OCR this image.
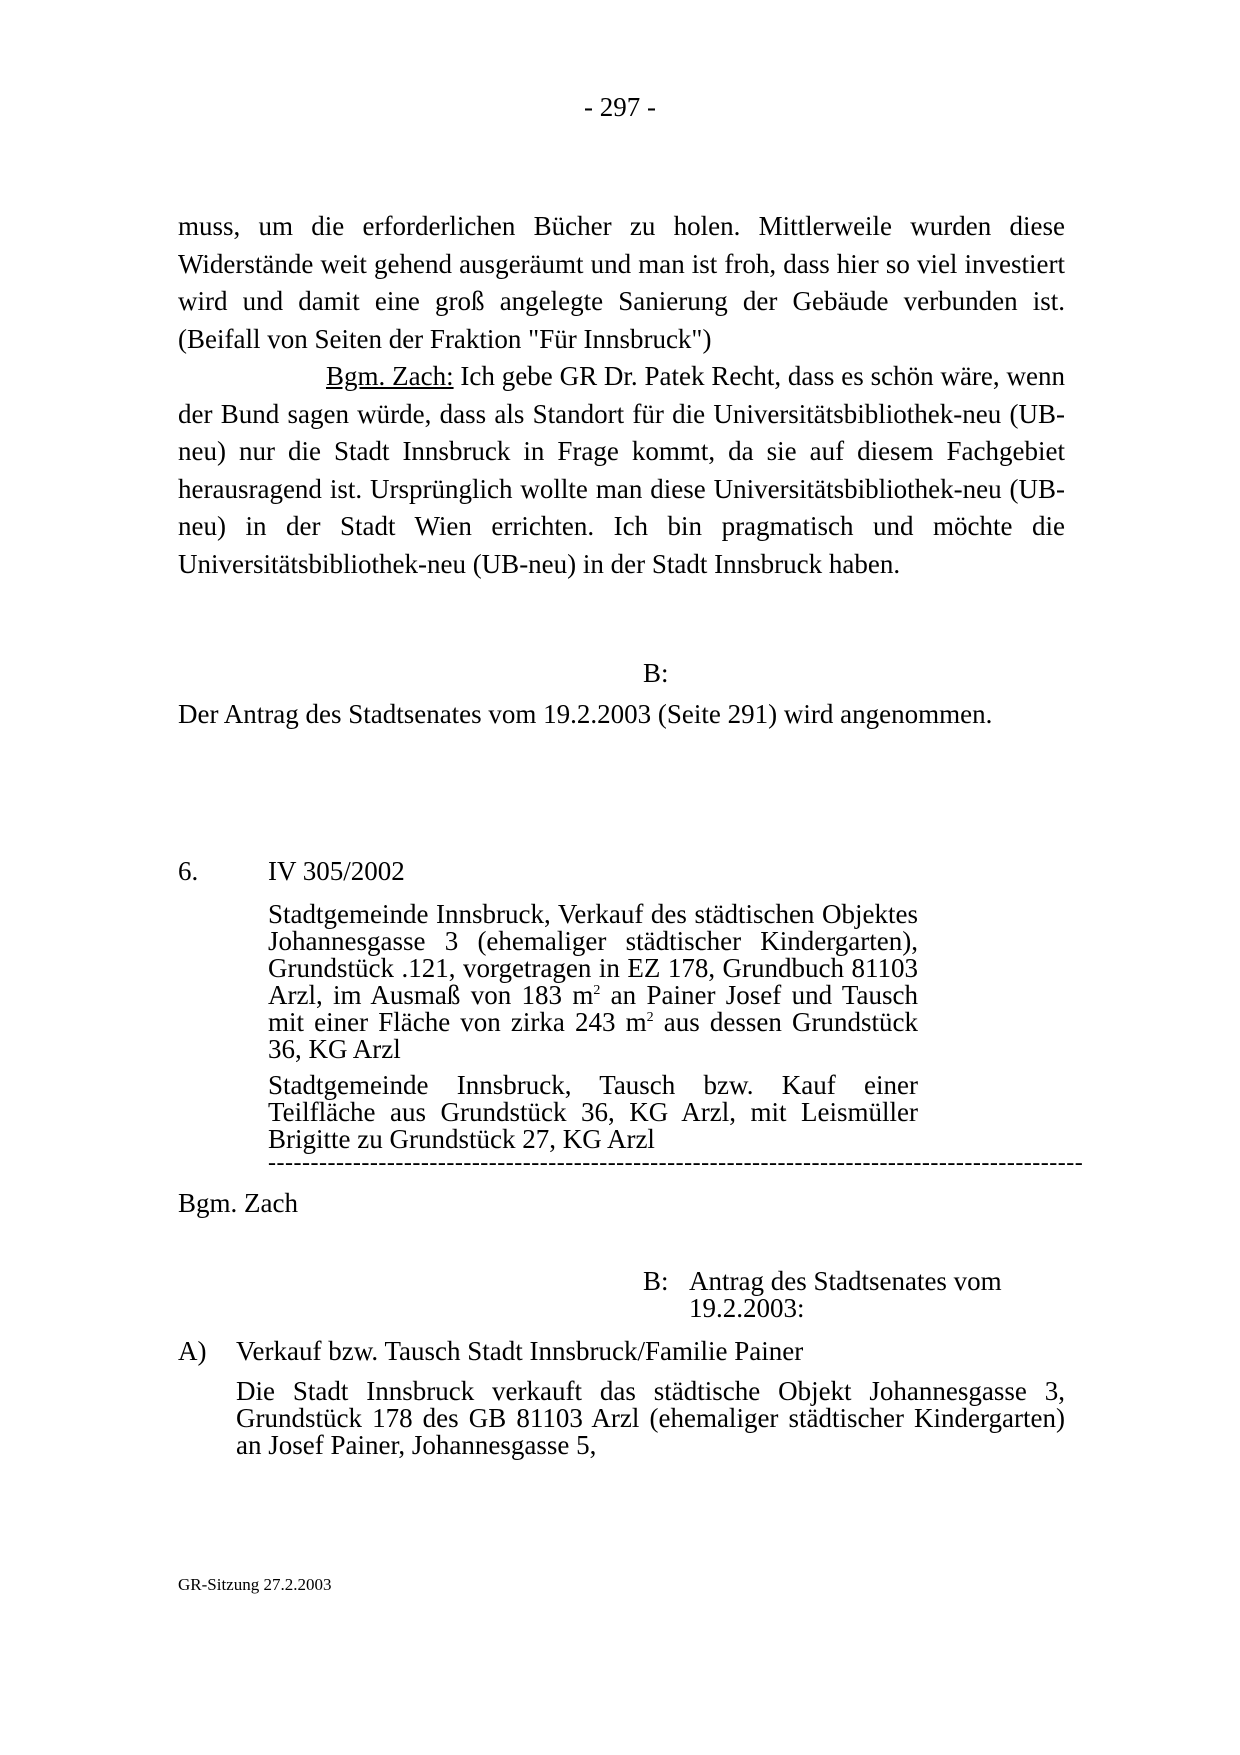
- 297 -

muss, um die erforderlichen Bücher zu holen. Mittlerweile wurden diese Widerstände weit gehend ausgeräumt und man ist froh, dass hier so viel investiert wird und damit eine groß angelegte Sanierung der Gebäude verbunden ist. (Beifall von Seiten der Fraktion "Für Innsbruck")

Bgm. Zach: Ich gebe GR Dr. Patek Recht, dass es schön wäre, wenn der Bund sagen würde, dass als Standort für die Universitätsbibliothek-neu (UB-neu) nur die Stadt Innsbruck in Frage kommt, da sie auf diesem Fachgebiet herausragend ist. Ursprünglich wollte man diese Universitätsbibliothek-neu (UB-neu) in der Stadt Wien errichten. Ich bin pragmatisch und möchte die Universitätsbibliothek-neu (UB-neu) in der Stadt Innsbruck haben.

B:

Der Antrag des Stadtsenates vom 19.2.2003 (Seite 291) wird angenommen.

6.	IV 305/2002

Stadtgemeinde Innsbruck, Verkauf des städtischen Objektes Johannesgasse 3 (ehemaliger städtischer Kindergarten), Grundstück .121, vorgetragen in EZ 178, Grundbuch 81103 Arzl, im Ausmaß von 183 $m^2$ an Painer Josef und Tausch mit einer Fläche von zirka 243 $m^2$ aus dessen Grundstück 36, KG Arzl

Stadtgemeinde Innsbruck, Tausch bzw. Kauf einer Teilfläche aus Grundstück 36, KG Arzl, mit Leismüller Brigitte zu Grundstück 27, KG Arzl

------------------------------------------------------------------------------------------------
Bgm. Zach
B: Antrag des Stadtsenates vom 19.2.2003:
A) Verkauf bzw. Tausch Stadt Innsbruck/Familie Painer

Die Stadt Innsbruck verkauft das städtische Objekt Johannesgasse 3, Grundstück 178 des GB 81103 Arzl (ehemaliger städtischer Kindergarten) an Josef Painer, Johannesgasse 5,

GR-Sitzung 27.2.2003
